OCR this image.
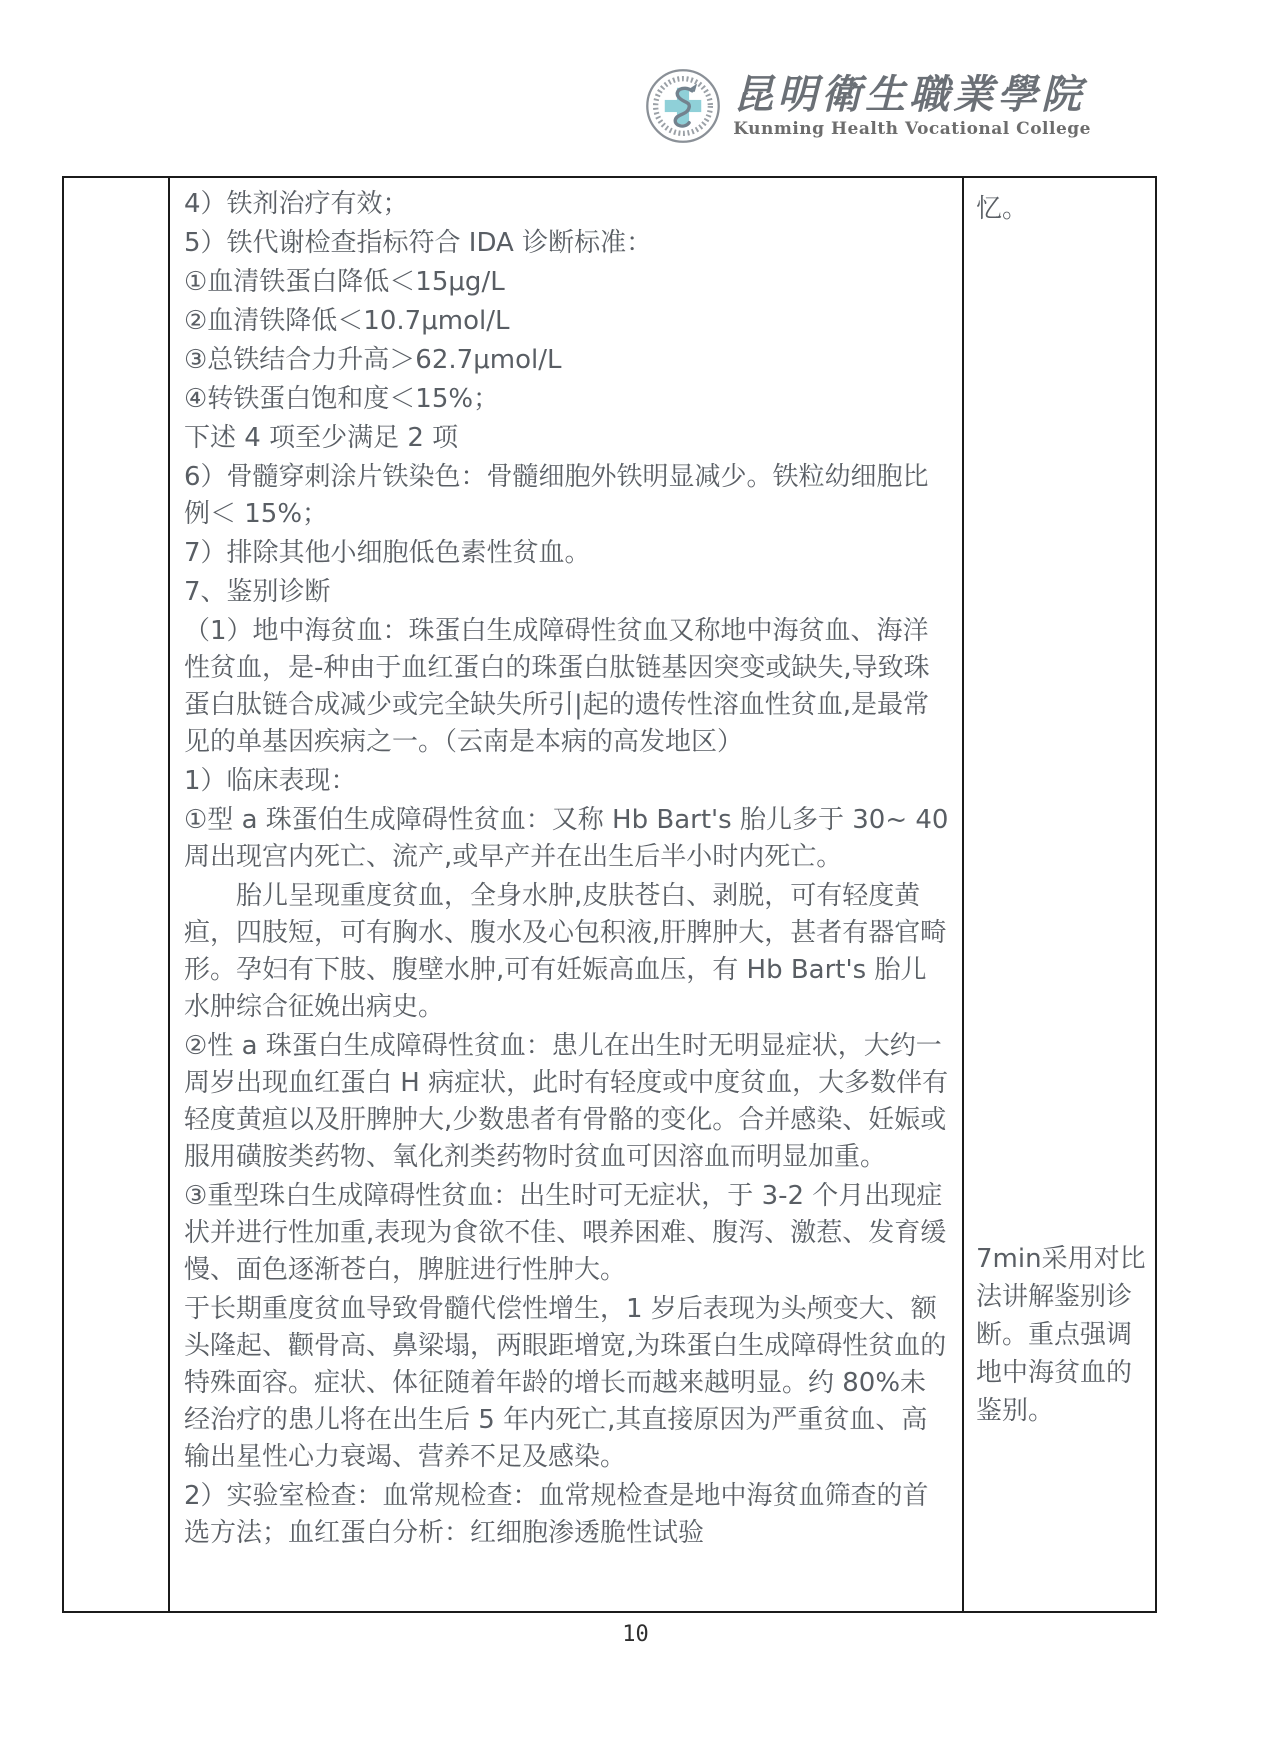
昆明衛生職業學院
Kunming Health Vocational College

4）铁剂治疗有效；

5）铁代谢检查指标符合 IDA 诊断标准：

①血清铁蛋白降低＜15μg/L

②血清铁降低＜10.7μmol/L

③总铁结合力升高＞62.7μmol/L

④转铁蛋白饱和度＜15%；

下述 4 项至少满足 2 项

6）骨髓穿刺涂片铁染色：骨髓细胞外铁明显减少。铁粒幼细胞比例＜ 15%；

7）排除其他小细胞低色素性贫血。

7、鉴别诊断

（1）地中海贫血：珠蛋白生成障碍性贫血又称地中海贫血、海洋性贫血，是-种由于血红蛋白的珠蛋白肽链基因突变或缺失,导致珠蛋白肽链合成减少或完全缺失所引|起的遗传性溶血性贫血,是最常见的单基因疾病之一。（云南是本病的高发地区）

1）临床表现：

①型 a 珠蛋伯生成障碍性贫血：又称 Hb Bart's 胎儿多于 30~ 40 周出现宫内死亡、流产,或早产并在出生后半小时内死亡。

胎儿呈现重度贫血，全身水肿,皮肤苍白、剥脱，可有轻度黄疸，四肢短，可有胸水、腹水及心包积液,肝脾肿大，甚者有器官畸形。孕妇有下肢、腹壁水肿,可有妊娠高血压，有 Hb Bart's 胎儿水肿综合征娩出病史。

②性 a 珠蛋白生成障碍性贫血：患儿在出生时无明显症状，大约一周岁出现血红蛋白 H 病症状，此时有轻度或中度贫血，大多数伴有轻度黄疸以及肝脾肿大,少数患者有骨骼的变化。合并感染、妊娠或服用磺胺类药物、氧化剂类药物时贫血可因溶血而明显加重。

③重型珠白生成障碍性贫血：出生时可无症状，于 3-2 个月出现症状并进行性加重,表现为食欲不佳、喂养困难、腹泻、激惹、发育缓慢、面色逐渐苍白，脾脏进行性肿大。

于长期重度贫血导致骨髓代偿性增生，1 岁后表现为头颅变大、额头隆起、颧骨高、鼻梁塌，两眼距增宽,为珠蛋白生成障碍性贫血的特殊面容。症状、体征随着年龄的增长而越来越明显。约 80%未经治疗的患儿将在出生后 5 年内死亡,其直接原因为严重贫血、高输出星性心力衰竭、营养不足及感染。

2）实验室检查：血常规检查：血常规检查是地中海贫血筛查的首选方法；血红蛋白分析：红细胞渗透脆性试验

忆。

7min采用对比法讲解鉴别诊断。重点强调地中海贫血的鉴别。

10
